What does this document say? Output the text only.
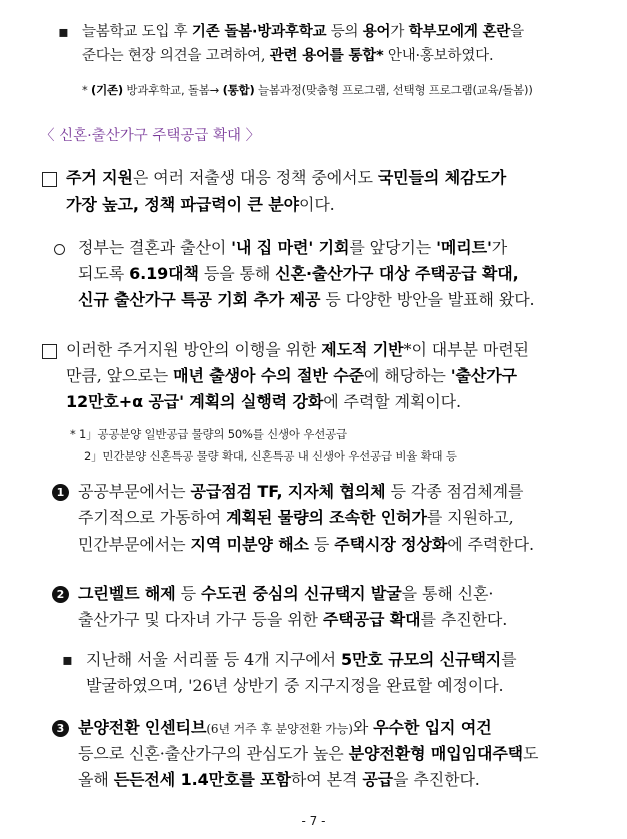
▪ 늘봄학교 도입 후 기존 돌봄·방과후학교 등의 용어가 학부모에게 혼란을
준다는 현장 의견을 고려하여, 관련 용어를 통합* 안내·홍보하였다.
* (기존) 방과후학교, 돌봄→ (통합) 늘봄과정(맞춤형 프로그램, 선택형 프로그램(교육/돌봄))
〈 신혼·출산가구 주택공급 확대 〉
주거 지원은 여러 저출생 대응 정책 중에서도 국민들의 체감도가
가장 높고, 정책 파급력이 큰 분야이다.
정부는 결혼과 출산이 '내 집 마련' 기회를 앞당기는 '메리트'가
되도록 6.19대책 등을 통해 신혼·출산가구 대상 주택공급 확대,
신규 출산가구 특공 기회 추가 제공 등 다양한 방안을 발표해 왔다.
이러한 주거지원 방안의 이행을 위한 제도적 기반*이 대부분 마련된
만큼, 앞으로는 매년 출생아 수의 절반 수준에 해당하는 '출산가구
12만호+α 공급' 계획의 실행력 강화에 주력할 계획이다.
* 1」공공분양 일반공급 물량의 50%를 신생아 우선공급
2」민간분양 신혼특공 물량 확대, 신혼특공 내 신생아 우선공급 비율 확대 등
1 공공부문에서는 공급점검 TF, 지자체 협의체 등 각종 점검체계를
주기적으로 가동하여 계획된 물량의 조속한 인허가를 지원하고,
민간부문에서는 지역 미분양 해소 등 주택시장 정상화에 주력한다.
2 그린벨트 해제 등 수도권 중심의 신규택지 발굴을 통해 신혼·
출산가구 및 다자녀 가구 등을 위한 주택공급 확대를 추진한다.
▪ 지난해 서울 서리풀 등 4개 지구에서 5만호 규모의 신규택지를
발굴하였으며, '26년 상반기 중 지구지정을 완료할 예정이다.
3 분양전환 인센티브(6년 거주 후 분양전환 가능)와 우수한 입지 여건
등으로 신혼·출산가구의 관심도가 높은 분양전환형 매입임대주택도
올해 든든전세 1.4만호를 포함하여 본격 공급을 추진한다.
- 7 -
